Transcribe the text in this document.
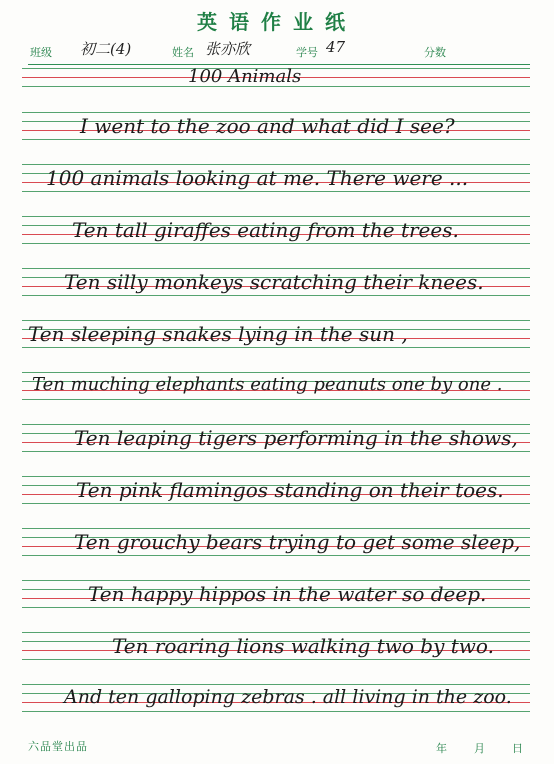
英语作业纸
班级 初二(4)	姓名 张亦欣	学号 47	分数
100 Animals
I went to the zoo and what did I see?
100 animals looking at me. There were ...
Ten tall giraffes eating from the trees.
Ten silly monkeys scratching their knees.
Ten sleeping snakes lying in the sun ,
Ten muching elephants eating peanuts one by one .
Ten leaping tigers performing in the shows,
Ten pink flamingos standing on their toes.
Ten grouchy bears trying to get some sleep,
Ten happy hippos in the water so deep.
Ten roaring lions walking two by two.
And ten galloping zebras . all living in the zoo.
六品堂出品	年 月 日
